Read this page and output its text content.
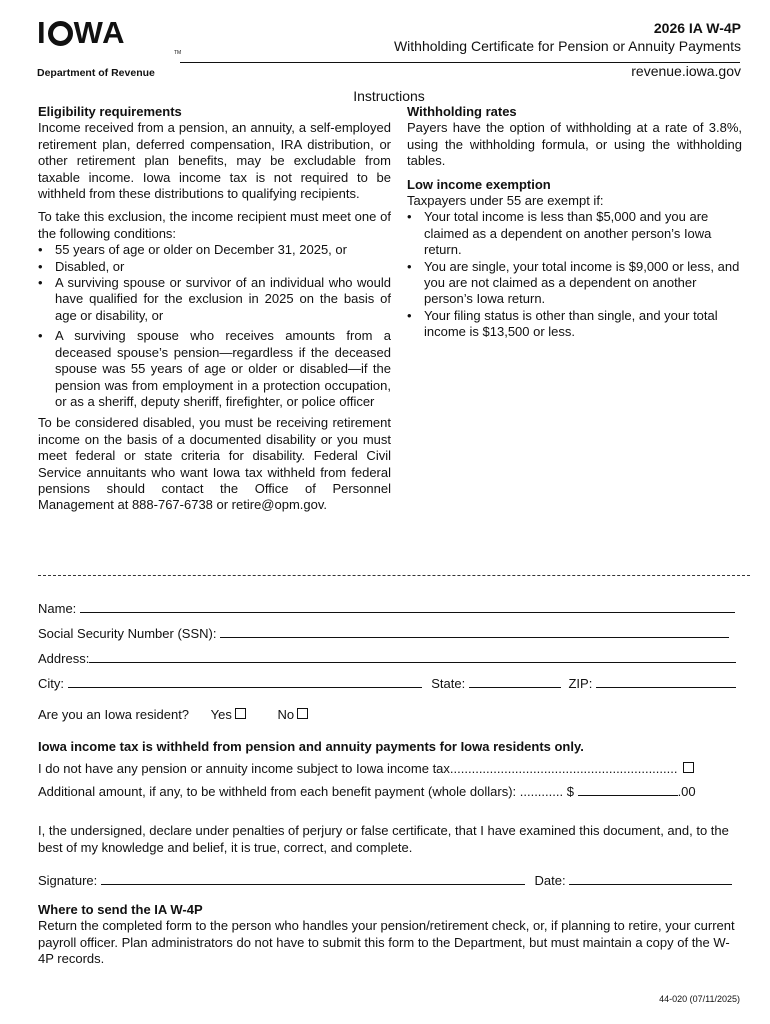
I WA
TM
Department of Revenue
2026 IA W-4P
Withholding Certificate for Pension or Annuity Payments
revenue.iowa.gov
Instructions

Eligibility requirements

Income received from a pension, an annuity, a self-employed retirement plan, deferred compensation, IRA distribution, or other retirement plan benefits, may be excludable from taxable income. Iowa income tax is not required to be withheld from these distributions to qualifying recipients.

To take this exclusion, the income recipient must meet one of the following conditions:

• 55 years of age or older on December 31, 2025, or
• Disabled, or
• A surviving spouse or survivor of an individual who would have qualified for the exclusion in 2025 on the basis of age or disability, or
• A surviving spouse who receives amounts from a deceased spouse’s pension—regardless if the deceased spouse was 55 years of age or older or disabled—if the pension was from employment in a protection occupation, or as a sheriff, deputy sheriff, firefighter, or police officer

To be considered disabled, you must be receiving retirement income on the basis of a documented disability or you must meet federal or state criteria for disability. Federal Civil Service annuitants who want Iowa tax withheld from federal pensions should contact the Office of Personnel Management at 888-767-6738 or retire@opm.gov.

Withholding rates

Payers have the option of withholding at a rate of 3.8%, using the withholding formula, or using the withholding tables.

Low income exemption

Taxpayers under 55 are exempt if:

• Your total income is less than $5,000 and you are claimed as a dependent on another person’s Iowa return.
• You are single, your total income is $9,000 or less, and you are not claimed as a dependent on another person’s Iowa return.
• Your filing status is other than single, and your total income is $13,500 or less.
Name:
Social Security Number (SSN):
Address:
City:	State:	ZIP:
Are you an Iowa resident? Yes	No
Iowa income tax is withheld from pension and annuity payments for Iowa residents only.
I do not have any pension or annuity income subject to Iowa income tax...............................................................
Additional amount, if any, to be withheld from each benefit payment (whole dollars): ............ $	.00
I, the undersigned, declare under penalties of perjury or false certificate, that I have examined this document, and, to the best of my knowledge and belief, it is true, correct, and complete.
Signature:	Date:
Where to send the IA W-4P
Return the completed form to the person who handles your pension/retirement check, or, if planning to retire, your current payroll officer. Plan administrators do not have to submit this form to the Department, but must maintain a copy of the W-4P records.
44-020 (07/11/2025)
